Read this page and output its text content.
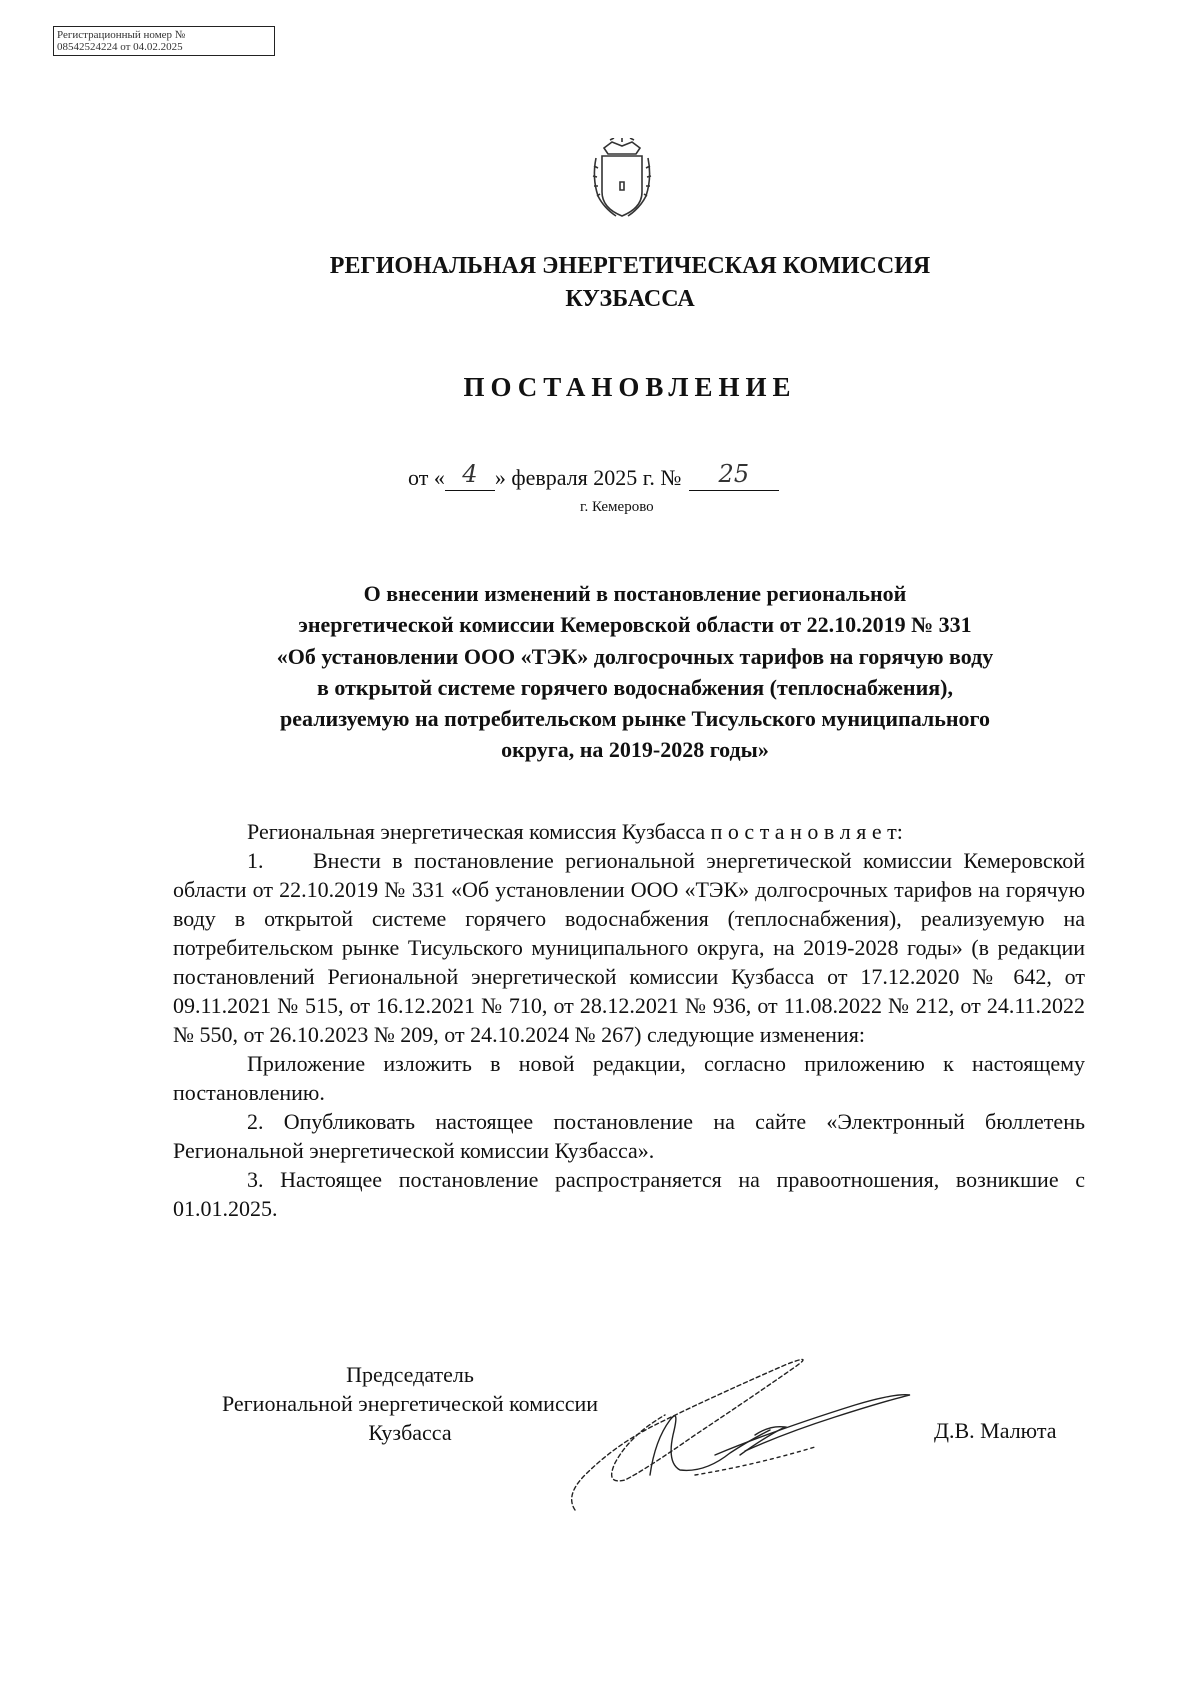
Регистрационный номер №
08542524224 от 04.02.2025
РЕГИОНАЛЬНАЯ ЭНЕРГЕТИЧЕСКАЯ КОМИССИЯ
КУЗБАССА
ПОСТАНОВЛЕНИЕ
от « 4 » февраля 2025 г. № 25
г. Кемерово
О внесении изменений в постановление региональной
энергетической комиссии Кемеровской области от 22.10.2019 № 331
«Об установлении ООО «ТЭК» долгосрочных тарифов на горячую воду
в открытой системе горячего водоснабжения (теплоснабжения),
реализуемую на потребительском рынке Тисульского муниципального
округа, на 2019-2028 годы»

Региональная энергетическая комиссия Кузбасса п о с т а н о в л я е т:

1. Внести в постановление региональной энергетической комиссии Кемеровской области от 22.10.2019 № 331 «Об установлении ООО «ТЭК» долгосрочных тарифов на горячую воду в открытой системе горячего водоснабжения (теплоснабжения), реализуемую на потребительском рынке Тисульского муниципального округа, на 2019-2028 годы» (в редакции постановлений Региональной энергетической комиссии Кузбасса от 17.12.2020 № 642, от 09.11.2021 № 515, от 16.12.2021 № 710, от 28.12.2021 № 936, от 11.08.2022 № 212, от 24.11.2022 № 550, от 26.10.2023 № 209, от 24.10.2024 № 267) следующие изменения:

Приложение изложить в новой редакции, согласно приложению к настоящему постановлению.

2. Опубликовать настоящее постановление на сайте «Электронный бюллетень Региональной энергетической комиссии Кузбасса».

3. Настоящее постановление распространяется на правоотношения, возникшие с 01.01.2025.

Председатель
Региональной энергетической комиссии
Кузбасса	Д.В. Малюта
